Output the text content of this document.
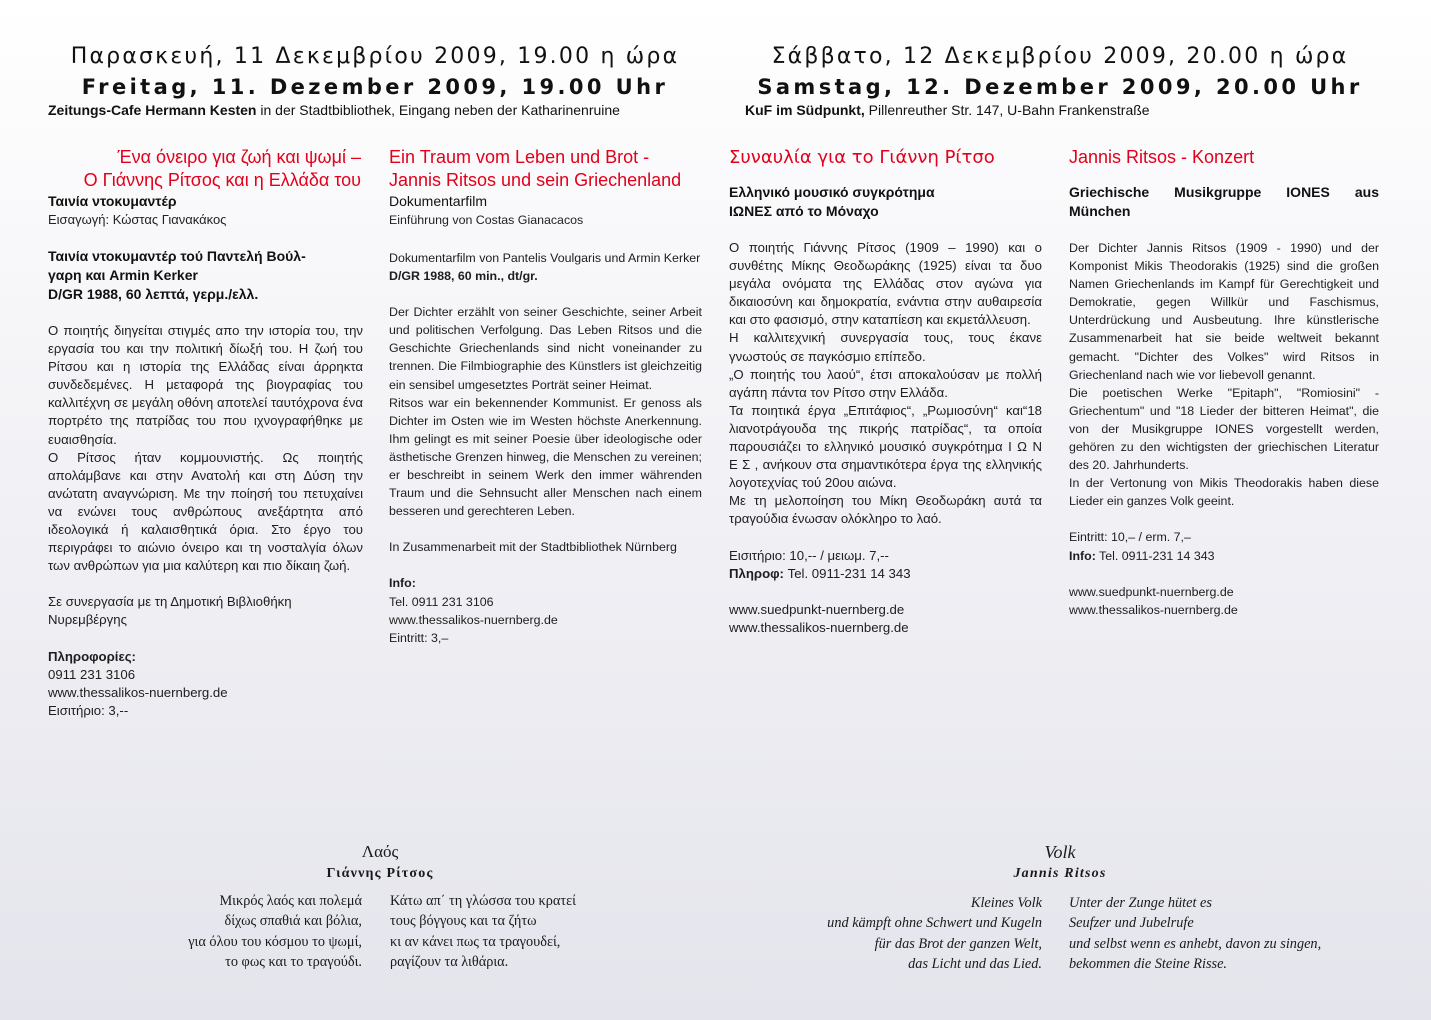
Παρασκευή, 11 Δεκεμβρίου 2009, 19.00 η ώρα
Freitag, 11. Dezember 2009, 19.00 Uhr
Zeitungs-Cafe Hermann Kesten in der Stadtbibliothek, Eingang neben der Katharinenruine
Σάββατο, 12 Δεκεμβρίου 2009, 20.00 η ώρα
Samstag, 12. Dezember 2009, 20.00 Uhr
KuF im Südpunkt, Pillenreuther Str. 147, U-Bahn Frankenstraße
Ένα όνειρο για ζωή και ψωμί –
Ο Γιάννης Ρίτσος και η Ελλάδα του
Ταινία ντοκυμαντέρ
Εισαγωγή: Κώστας Γιανακάκος
Ταινία ντοκυμαντέρ τού Παντελή Βούλ-
γαρη και Armin Kerker
D/GR 1988, 60 λεπτά, γερμ./ελλ.

Ο ποιητής διηγείται στιγμές απο την ιστορία του, την εργασία του και την πολιτική δίωξή του. Η ζωή του Ρίτσου και η ιστορία της Ελλάδας είναι άρρηκτα συνδεδεμένες. Η μεταφορά της βιογραφίας του καλλιτέχνη σε μεγάλη οθόνη αποτελεί ταυτόχρονα ένα πορτρέτο της πατρίδας του που ιχνογραφήθηκε με ευαισθησία.

Ο Ρίτσος ήταν κομμουνιστής. Ως ποιητής απολάμβανε και στην Ανατολή και στη Δύση την ανώτατη αναγνώριση. Με την ποίησή του πετυχαίνει να ενώνει τους ανθρώπους ανεξάρτητα από ιδεολογικά ή καλαισθητικά όρια. Στο έργο του περιγράφει το αιώνιο όνειρο και τη νοσταλγία όλων των ανθρώπων για μια καλύτερη και πιο δίκαιη ζωή.

Σε συνεργασία με τη Δημοτική Βιβλιοθήκη Νυρεμβέργης
Πληροφορίες:
0911 231 3106
www.thessalikos-nuernberg.de
Εισιτήριο: 3,--
Ein Traum vom Leben und Brot -
Jannis Ritsos und sein Griechenland
Dokumentarfilm
Einführung von Costas Gianacacos
Dokumentarfilm von Pantelis Voulgaris und Armin Kerker
D/GR 1988, 60 min., dt/gr.

Der Dichter erzählt von seiner Geschichte, seiner Arbeit und politischen Verfolgung. Das Leben Ritsos und die Geschichte Griechenlands sind nicht voneinander zu trennen. Die Filmbiographie des Künstlers ist gleichzeitig ein sensibel umgesetztes Porträt seiner Heimat.

Ritsos war ein bekennender Kommunist. Er genoss als Dichter im Osten wie im Westen höchste Anerkennung. Ihm gelingt es mit seiner Poesie über ideologische oder ästhetische Grenzen hinweg, die Menschen zu vereinen; er beschreibt in seinem Werk den immer währenden Traum und die Sehnsucht aller Menschen nach einem besseren und gerechteren Leben.

In Zusammenarbeit mit der Stadtbibliothek Nürnberg
Info:
Tel. 0911 231 3106
www.thessalikos-nuernberg.de
Eintritt: 3,–
Συναυλία για το Γιάννη Ρίτσο
Ελληνικό μουσικό συγκρότημα
ΙΩΝΕΣ από το Μόναχο

Ο ποιητής Γιάννης Ρίτσος (1909 – 1990) και ο συνθέτης Μίκης Θεοδωράκης (1925) είναι τα δυο μεγάλα ονόματα της Ελλάδας στον αγώνα για δικαιοσύνη και δημοκρατία, ενάντια στην αυθαιρεσία και στο φασισμό, στην καταπίεση και εκμετάλλευση.

Η καλλιτεχνική συνεργασία τους, τους έκανε γνωστούς σε παγκόσμιο επίπεδο.

„Ο ποιητής του λαού“, έτσι αποκαλούσαν με πολλή αγάπη πάντα τον Ρίτσο στην Ελλάδα.

Τα ποιητικά έργα „Επιτάφιος“, „Ρωμιοσύνη“ και“18 λιανοτράγουδα της πικρής πατρίδας“, τα οποία παρουσιάζει το ελληνικό μουσικό συγκρότημα Ι Ω Ν Ε Σ , ανήκουν στα σημαντικότερα έργα της ελληνικής λογοτεχνίας τού 20ου αιώνα.

Με τη μελοποίηση του Μίκη Θεοδωράκη αυτά τα τραγούδια ένωσαν ολόκληρο το λαό.

Εισιτήριο: 10,-- / μειωμ. 7,--
Πληροφ: Tel. 0911-231 14 343
www.suedpunkt-nuernberg.de
www.thessalikos-nuernberg.de
Jannis Ritsos - Konzert
Griechische Musikgruppe IONES aus München

Der Dichter Jannis Ritsos (1909 - 1990) und der Komponist Mikis Theodorakis (1925) sind die großen Namen Griechenlands im Kampf für Gerechtigkeit und Demokratie, gegen Willkür und Faschismus, Unterdrückung und Ausbeutung. Ihre künstlerische Zusammenarbeit hat sie beide weltweit bekannt gemacht. "Dichter des Volkes" wird Ritsos in Griechenland nach wie vor liebevoll genannt.

Die poetischen Werke "Epitaph", "Romiosini" - Griechentum" und "18 Lieder der bitteren Heimat", die von der Musikgruppe IONES vorgestellt werden, gehören zu den wichtigsten der griechischen Literatur des 20. Jahrhunderts.

In der Vertonung von Mikis Theodorakis haben diese Lieder ein ganzes Volk geeint.

Eintritt: 10,– / erm. 7,–
Info: Tel. 0911-231 14 343
www.suedpunkt-nuernberg.de
www.thessalikos-nuernberg.de
Λαός
Γιάννης Ρίτσος
Μικρός λαός και πολεμά
δίχως σπαθιά και βόλια,
για όλου του κόσμου το ψωμί,
το φως και το τραγούδι.
Κάτω απ΄ τη γλώσσα του κρατεί
τους βόγγους και τα ζήτω
κι αν κάνει πως τα τραγουδεί,
ραγίζουν τα λιθάρια.
Volk
Jannis Ritsos
Kleines Volk
und kämpft ohne Schwert und Kugeln
für das Brot der ganzen Welt,
das Licht und das Lied.
Unter der Zunge hütet es
Seufzer und Jubelrufe
und selbst wenn es anhebt, davon zu singen,
bekommen die Steine Risse.
